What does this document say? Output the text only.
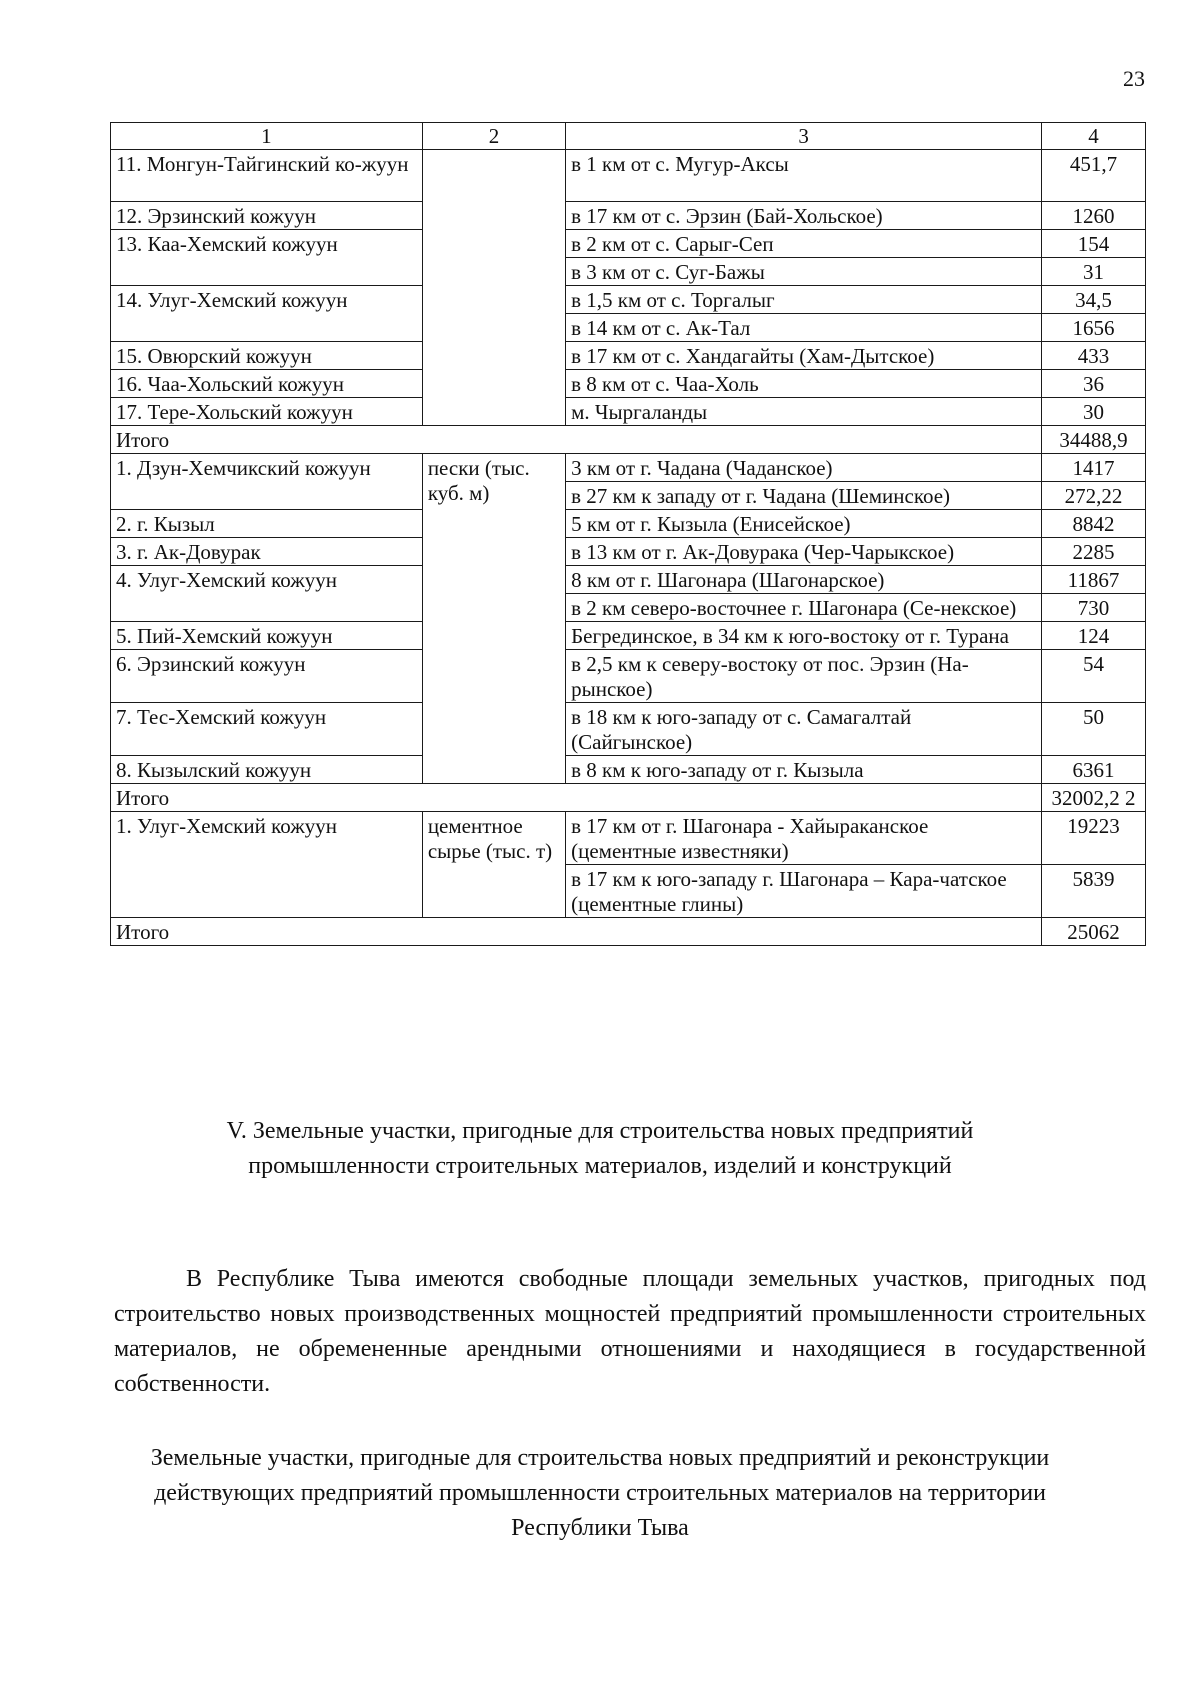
23
1	2	3	4
11. Монгун-Тайгинский ко-жуун		в 1 км от с. Мугур-Аксы	451,7
12. Эрзинский кожуун		в 17 км от с. Эрзин (Бай-Хольское)	1260
13. Каа-Хемский кожуун		в 2 км от с. Сарыг-Сеп	154
		в 3 км от с. Суг-Бажы	31
14. Улуг-Хемский кожуун		в 1,5 км от с. Торгалыг	34,5
		в 14 км от с. Ак-Тал	1656
15. Овюрский кожуун		в 17 км от с. Хандагайты (Хам-Дытское)	433
16. Чаа-Хольский кожуун		в 8 км от с. Чаа-Холь	36
17. Тере-Хольский кожуун		м. Чыргаланды	30
Итого			34488,9
1. Дзун-Хемчикский кожуун	пески (тыс. куб. м)	3 км от г. Чадана (Чаданское)	1417
		в 27 км к западу от г. Чадана (Шеминское)	272,22
2. г. Кызыл		5 км от г. Кызыла (Енисейское)	8842
3. г. Ак-Довурак		в 13 км от г. Ак-Довурака (Чер-Чарыкское)	2285
4. Улуг-Хемский кожуун		8 км от г. Шагонара (Шагонарское)	11867
		в 2 км северо-восточнее г. Шагонара (Се-некское)	730
5. Пий-Хемский кожуун		Бегрединское, в 34 км к юго-востоку от г. Турана	124
6. Эрзинский кожуун		в 2,5 км к северу-востоку от пос. Эрзин (На-рынское)	54
7. Тес-Хемский кожуун		в 18 км к юго-западу от с. Самагалтай (Сайгынское)	50
8. Кызылский кожуун		в 8 км к юго-западу от г. Кызыла	6361
Итого			32002,2 2
1. Улуг-Хемский кожуун	цементное сырье (тыс. т)	в 17 км от г. Шагонара - Хайыраканское (цементные известняки)	19223
		в 17 км к юго-западу г. Шагонара – Кара-чатское (цементные глины)	5839
Итого			25062
V. Земельные участки, пригодные для строительства новых предприятий промышленности строительных материалов, изделий и конструкций

В Республике Тыва имеются свободные площади земельных участков, пригодных под строительство новых производственных мощностей предприятий промышленности строительных материалов, не обремененные арендными отношениями и находящиеся в государственной собственности.

Земельные участки, пригодные для строительства новых предприятий и реконструкции действующих предприятий промышленности строительных материалов на территории Республики Тыва
